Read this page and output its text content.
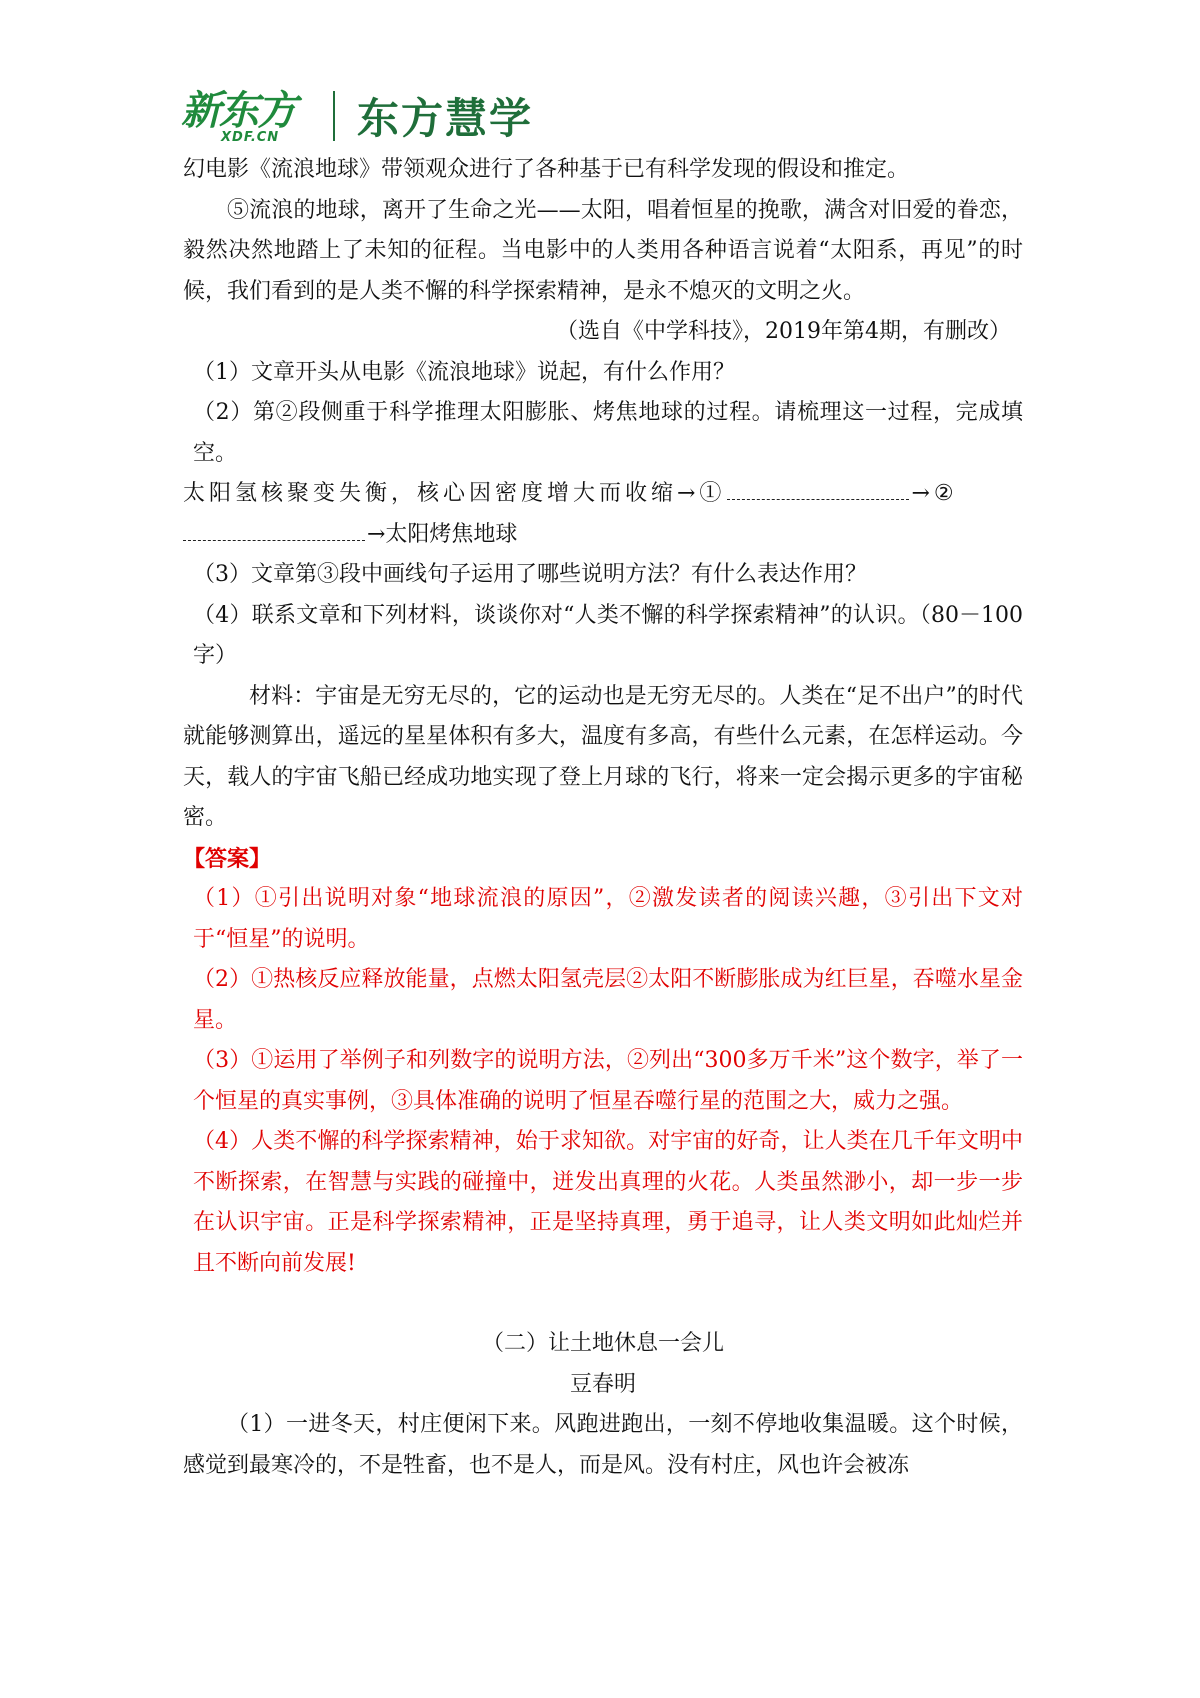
新东方
XDF.CN 东方慧学

幻电影《流浪地球》带领观众进行了各种基于已有科学发现的假设和推定。

⑤流浪的地球，离开了生命之光——太阳，唱着恒星的挽歌，满含对旧爱的眷恋，毅然决然地踏上了未知的征程。当电影中的人类用各种语言说着“太阳系，再见”的时候，我们看到的是人类不懈的科学探索精神，是永不熄灭的文明之火。

（选自《中学科技》，2019年第4期，有删改）

（1）文章开头从电影《流浪地球》说起，有什么作用？

（2）第②段侧重于科学推理太阳膨胀、烤焦地球的过程。请梳理这一过程，完成填空。

太阳氢核聚变失衡，核心因密度增大而收缩→①	→②

→太阳烤焦地球

（3）文章第③段中画线句子运用了哪些说明方法？有什么表达作用？

（4）联系文章和下列材料，谈谈你对“人类不懈的科学探索精神”的认识。（80－100字）

材料：宇宙是无穷无尽的，它的运动也是无穷无尽的。人类在“足不出户”的时代就能够测算出，遥远的星星体积有多大，温度有多高，有些什么元素，在怎样运动。今天，载人的宇宙飞船已经成功地实现了登上月球的飞行，将来一定会揭示更多的宇宙秘密。

【答案】

（1）①引出说明对象“地球流浪的原因”，②激发读者的阅读兴趣，③引出下文对于“恒星”的说明。

（2）①热核反应释放能量，点燃太阳氢壳层②太阳不断膨胀成为红巨星，吞噬水星金星。

（3）①运用了举例子和列数字的说明方法，②列出“300多万千米”这个数字，举了一个恒星的真实事例，③具体准确的说明了恒星吞噬行星的范围之大，威力之强。

（4）人类不懈的科学探索精神，始于求知欲。对宇宙的好奇，让人类在几千年文明中不断探索，在智慧与实践的碰撞中，迸发出真理的火花。人类虽然渺小，却一步一步在认识宇宙。正是科学探索精神，正是坚持真理，勇于追寻，让人类文明如此灿烂并且不断向前发展!

（二）让土地休息一会儿

豆春明

（1）一进冬天，村庄便闲下来。风跑进跑出，一刻不停地收集温暖。这个时候，感觉到最寒冷的，不是牲畜，也不是人，而是风。没有村庄，风也许会被冻
